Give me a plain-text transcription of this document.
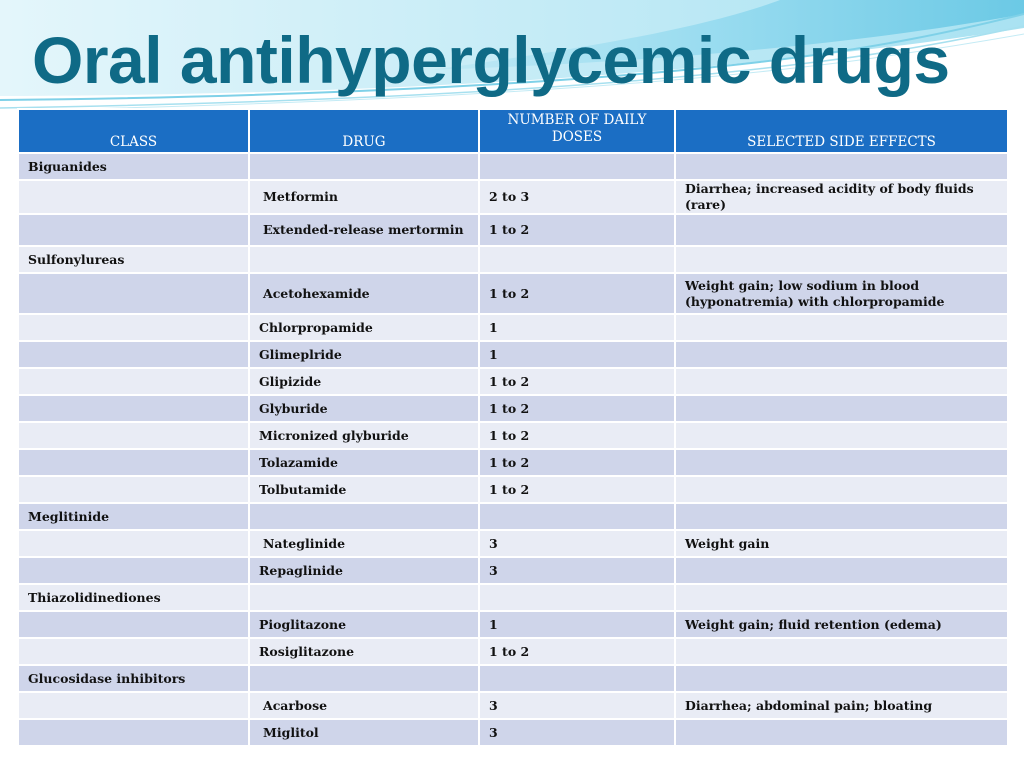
Oral antihyperglycemic drugs
CLASS	DRUG	NUMBER OF DAILY DOSES	SELECTED SIDE EFFECTS
Biguanides			
	Metformin	2 to 3	Diarrhea; increased acidity of body fluids (rare)
	Extended-release mertormin	1 to 2	
Sulfonylureas			
	Acetohexamide	1 to 2	Weight gain; low sodium in blood (hyponatremia) with chlorpropamide
	Chlorpropamide	1	
	Glimeplride	1	
	Glipizide	1 to 2	
	Glyburide	1 to 2	
	Micronized glyburide	1 to 2	
	Tolazamide	1 to 2	
	Tolbutamide	1 to 2	
Meglitinide			
	Nateglinide	3	Weight gain
	Repaglinide	3	
Thiazolidinediones			
	Pioglitazone	1	Weight gain; fluid retention (edema)
	Rosiglitazone	1 to 2	
Glucosidase inhibitors			
	Acarbose	3	Diarrhea; abdominal pain; bloating
	Miglitol	3	
